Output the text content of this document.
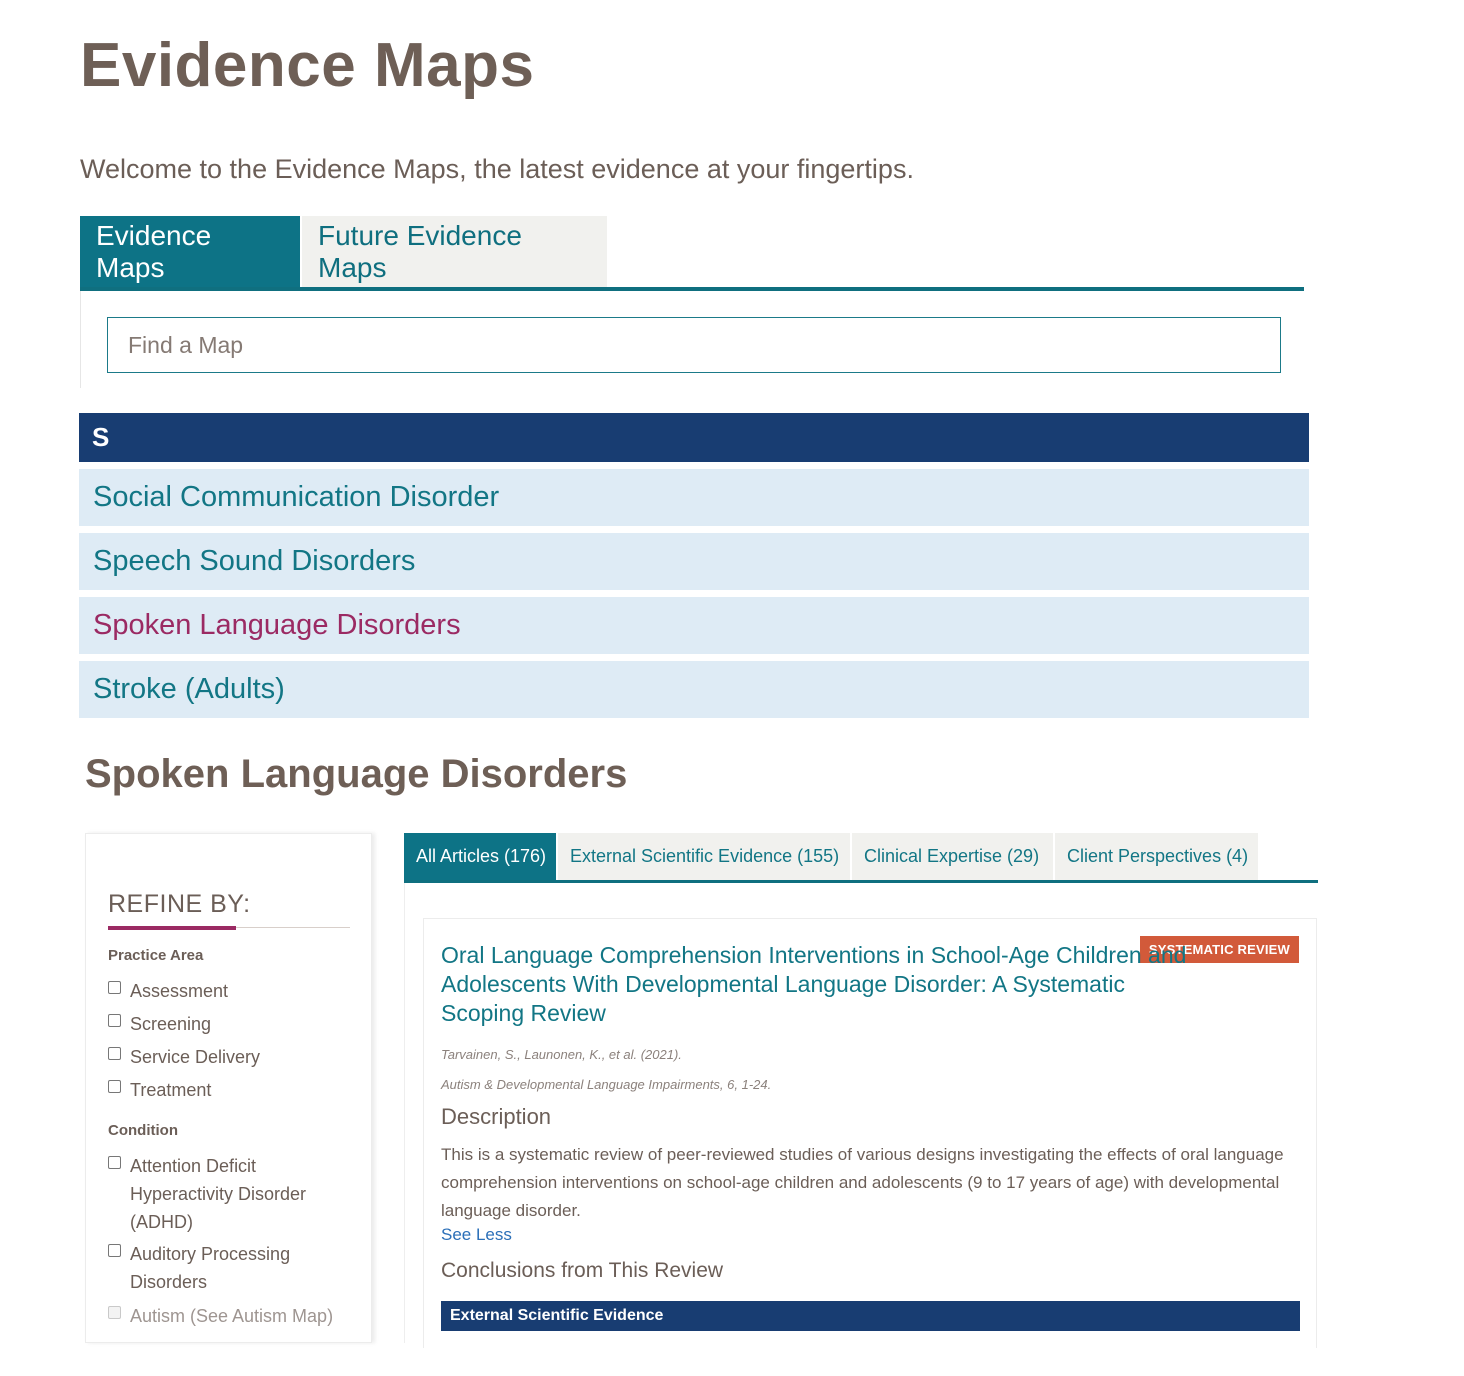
Evidence Maps

Welcome to the Evidence Maps, the latest evidence at your fingertips.

Evidence Maps
Future Evidence Maps
Find a Map
S
Social Communication Disorder
Speech Sound Disorders
Spoken Language Disorders
Stroke (Adults)
Spoken Language Disorders
REFINE BY:
Practice Area
Assessment
Screening
Service Delivery
Treatment
Condition
Attention Deficit Hyperactivity Disorder (ADHD)
Auditory Processing Disorders
Autism (See Autism Map)
All Articles (176)	External Scientific Evidence (155)	Clinical Expertise (29)	Client Perspectives (4)
SYSTEMATIC REVIEW
Oral Language Comprehension Interventions in School-Age Children and Adolescents With Developmental Language Disorder: A Systematic Scoping Review
Tarvainen, S., Launonen, K., et al. (2021).
Autism & Developmental Language Impairments, 6, 1-24.
Description

This is a systematic review of peer-reviewed studies of various designs investigating the effects of oral language comprehension interventions on school-age children and adolescents (9 to 17 years of age) with developmental language disorder.

See Less
Conclusions from This Review
External Scientific Evidence
